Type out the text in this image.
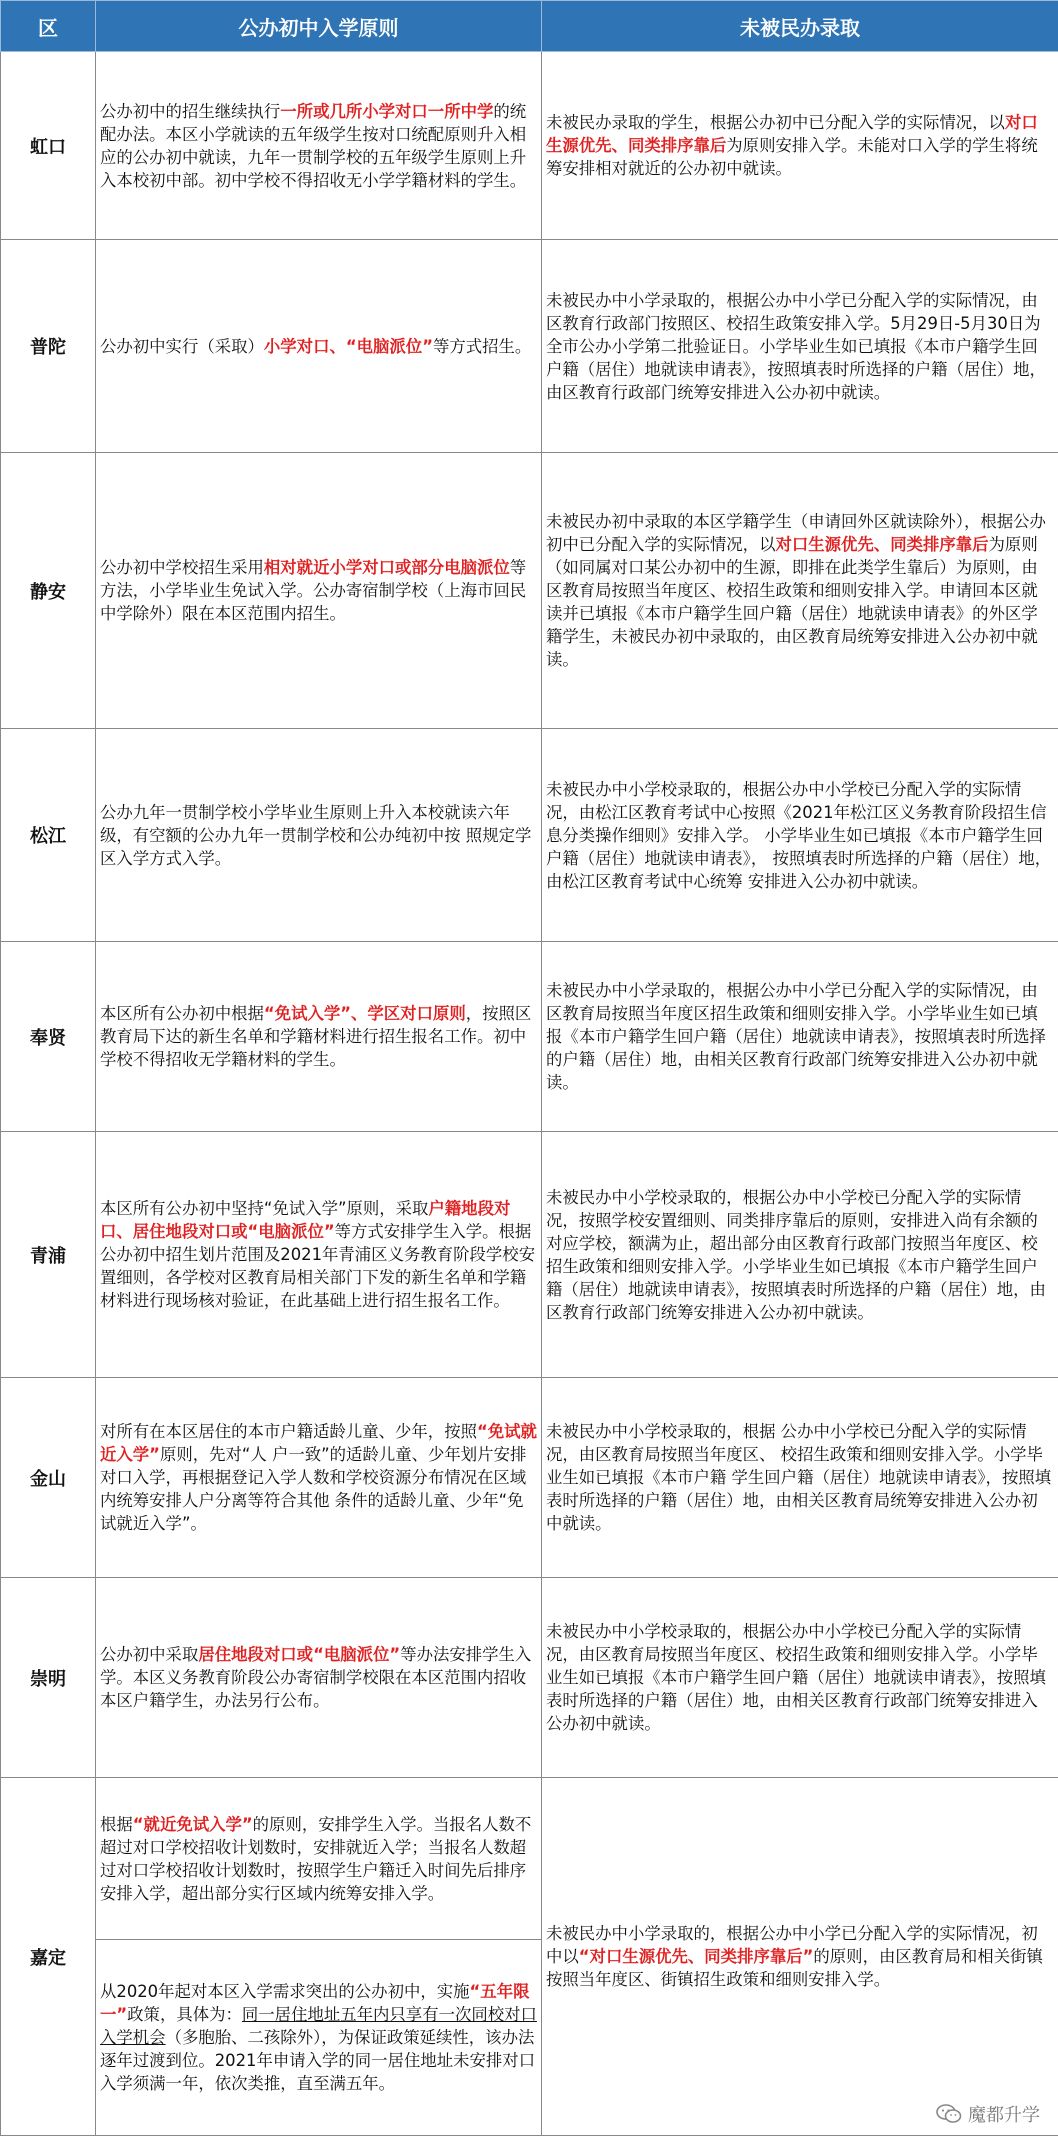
区	公办初中入学原则	未被民办录取
虹口	公办初中的招生继续执行一所或几所小学对口一所中学的统配办法。本区小学就读的五年级学生按对口统配原则升入相应的公办初中就读，九年一贯制学校的五年级学生原则上升入本校初中部。初中学校不得招收无小学学籍材料的学生。	未被民办录取的学生，根据公办初中已分配入学的实际情况，以对口生源优先、同类排序靠后为原则安排入学。未能对口入学的学生将统筹安排相对就近的公办初中就读。
普陀	公办初中实行（采取）小学对口、“电脑派位”等方式招生。	未被民办中小学录取的，根据公办中小学已分配入学的实际情况，由区教育行政部门按照区、校招生政策安排入学。5月29日-5月30日为全市公办小学第二批验证日。小学毕业生如已填报《本市户籍学生回户籍（居住）地就读申请表》，按照填表时所选择的户籍（居住）地，由区教育行政部门统筹安排进入公办初中就读。
静安	公办初中学校招生采用相对就近小学对口或部分电脑派位等方法，小学毕业生免试入学。公办寄宿制学校（上海市回民中学除外）限在本区范围内招生。	未被民办初中录取的本区学籍学生（申请回外区就读除外），根据公办初中已分配入学的实际情况，以对口生源优先、同类排序靠后为原则（如同属对口某公办初中的生源，即排在此类学生靠后）为原则，由区教育局按照当年度区、校招生政策和细则安排入学。申请回本区就读并已填报《本市户籍学生回户籍（居住）地就读申请表》的外区学籍学生，未被民办初中录取的，由区教育局统筹安排进入公办初中就读。
松江	公办九年一贯制学校小学毕业生原则上升入本校就读六年级，有空额的公办九年一贯制学校和公办纯初中按 照规定学区入学方式入学。	未被民办中小学校录取的，根据公办中小学校已分配入学的实际情况，由松江区教育考试中心按照《2021年松江区义务教育阶段招生信息分类操作细则》安排入学。 小学毕业生如已填报《本市户籍学生回户籍（居住）地就读申请表》， 按照填表时所选择的户籍（居住）地，由松江区教育考试中心统筹 安排进入公办初中就读。
奉贤	本区所有公办初中根据“免试入学”、学区对口原则，按照区教育局下达的新生名单和学籍材料进行招生报名工作。初中学校不得招收无学籍材料的学生。	未被民办中小学录取的，根据公办中小学已分配入学的实际情况，由区教育局按照当年度区招生政策和细则安排入学。小学毕业生如已填报《本市户籍学生回户籍（居住）地就读申请表》，按照填表时所选择的户籍（居住）地，由相关区教育行政部门统筹安排进入公办初中就读。
青浦	本区所有公办初中坚持“免试入学”原则，采取户籍地段对口、居住地段对口或“电脑派位”等方式安排学生入学。根据公办初中招生划片范围及2021年青浦区义务教育阶段学校安置细则，各学校对区教育局相关部门下发的新生名单和学籍材料进行现场核对验证，在此基础上进行招生报名工作。	未被民办中小学校录取的，根据公办中小学校已分配入学的实际情况，按照学校安置细则、同类排序靠后的原则，安排进入尚有余额的对应学校，额满为止，超出部分由区教育行政部门按照当年度区、校招生政策和细则安排入学。小学毕业生如已填报《本市户籍学生回户籍（居住）地就读申请表》，按照填表时所选择的户籍（居住）地，由区教育行政部门统筹安排进入公办初中就读。
金山	对所有在本区居住的本市户籍适龄儿童、少年，按照“免试就近入学”原则，先对“人 户一致”的适龄儿童、少年划片安排对口入学，再根据登记入学人数和学校资源分布情况在区域内统筹安排人户分离等符合其他 条件的适龄儿童、少年“免试就近入学”。	未被民办中小学校录取的，根据 公办中小学校已分配入学的实际情况，由区教育局按照当年度区、 校招生政策和细则安排入学。小学毕业生如已填报《本市户籍 学生回户籍（居住）地就读申请表》，按照填表时所选择的户籍（居住）地，由相关区教育局统筹安排进入公办初中就读。
崇明	公办初中采取居住地段对口或“电脑派位”等办法安排学生入学。本区义务教育阶段公办寄宿制学校限在本区范围内招收本区户籍学生，办法另行公布。	未被民办中小学校录取的，根据公办中小学校已分配入学的实际情况，由区教育局按照当年度区、校招生政策和细则安排入学。小学毕业生如已填报《本市户籍学生回户籍（居住）地就读申请表》，按照填表时所选择的户籍（居住）地，由相关区教育行政部门统筹安排进入公办初中就读。
嘉定	根据“就近免试入学”的原则，安排学生入学。当报名人数不超过对口学校招收计划数时，安排就近入学；当报名人数超过对口学校招收计划数时，按照学生户籍迁入时间先后排序安排入学，超出部分实行区域内统筹安排入学。	未被民办中小学录取的，根据公办中小学已分配入学的实际情况，初中以“对口生源优先、同类排序靠后”的原则，由区教育局和相关街镇按照当年度区、街镇招生政策和细则安排入学。
	从2020年起对本区入学需求突出的公办初中，实施“五年限一”政策，具体为：同一居住地址五年内只享有一次同校对口入学机会（多胞胎、二孩除外），为保证政策延续性，该办法逐年过渡到位。2021年申请入学的同一居住地址未安排对口入学须满一年，依次类推，直至满五年。	
魔都升学
